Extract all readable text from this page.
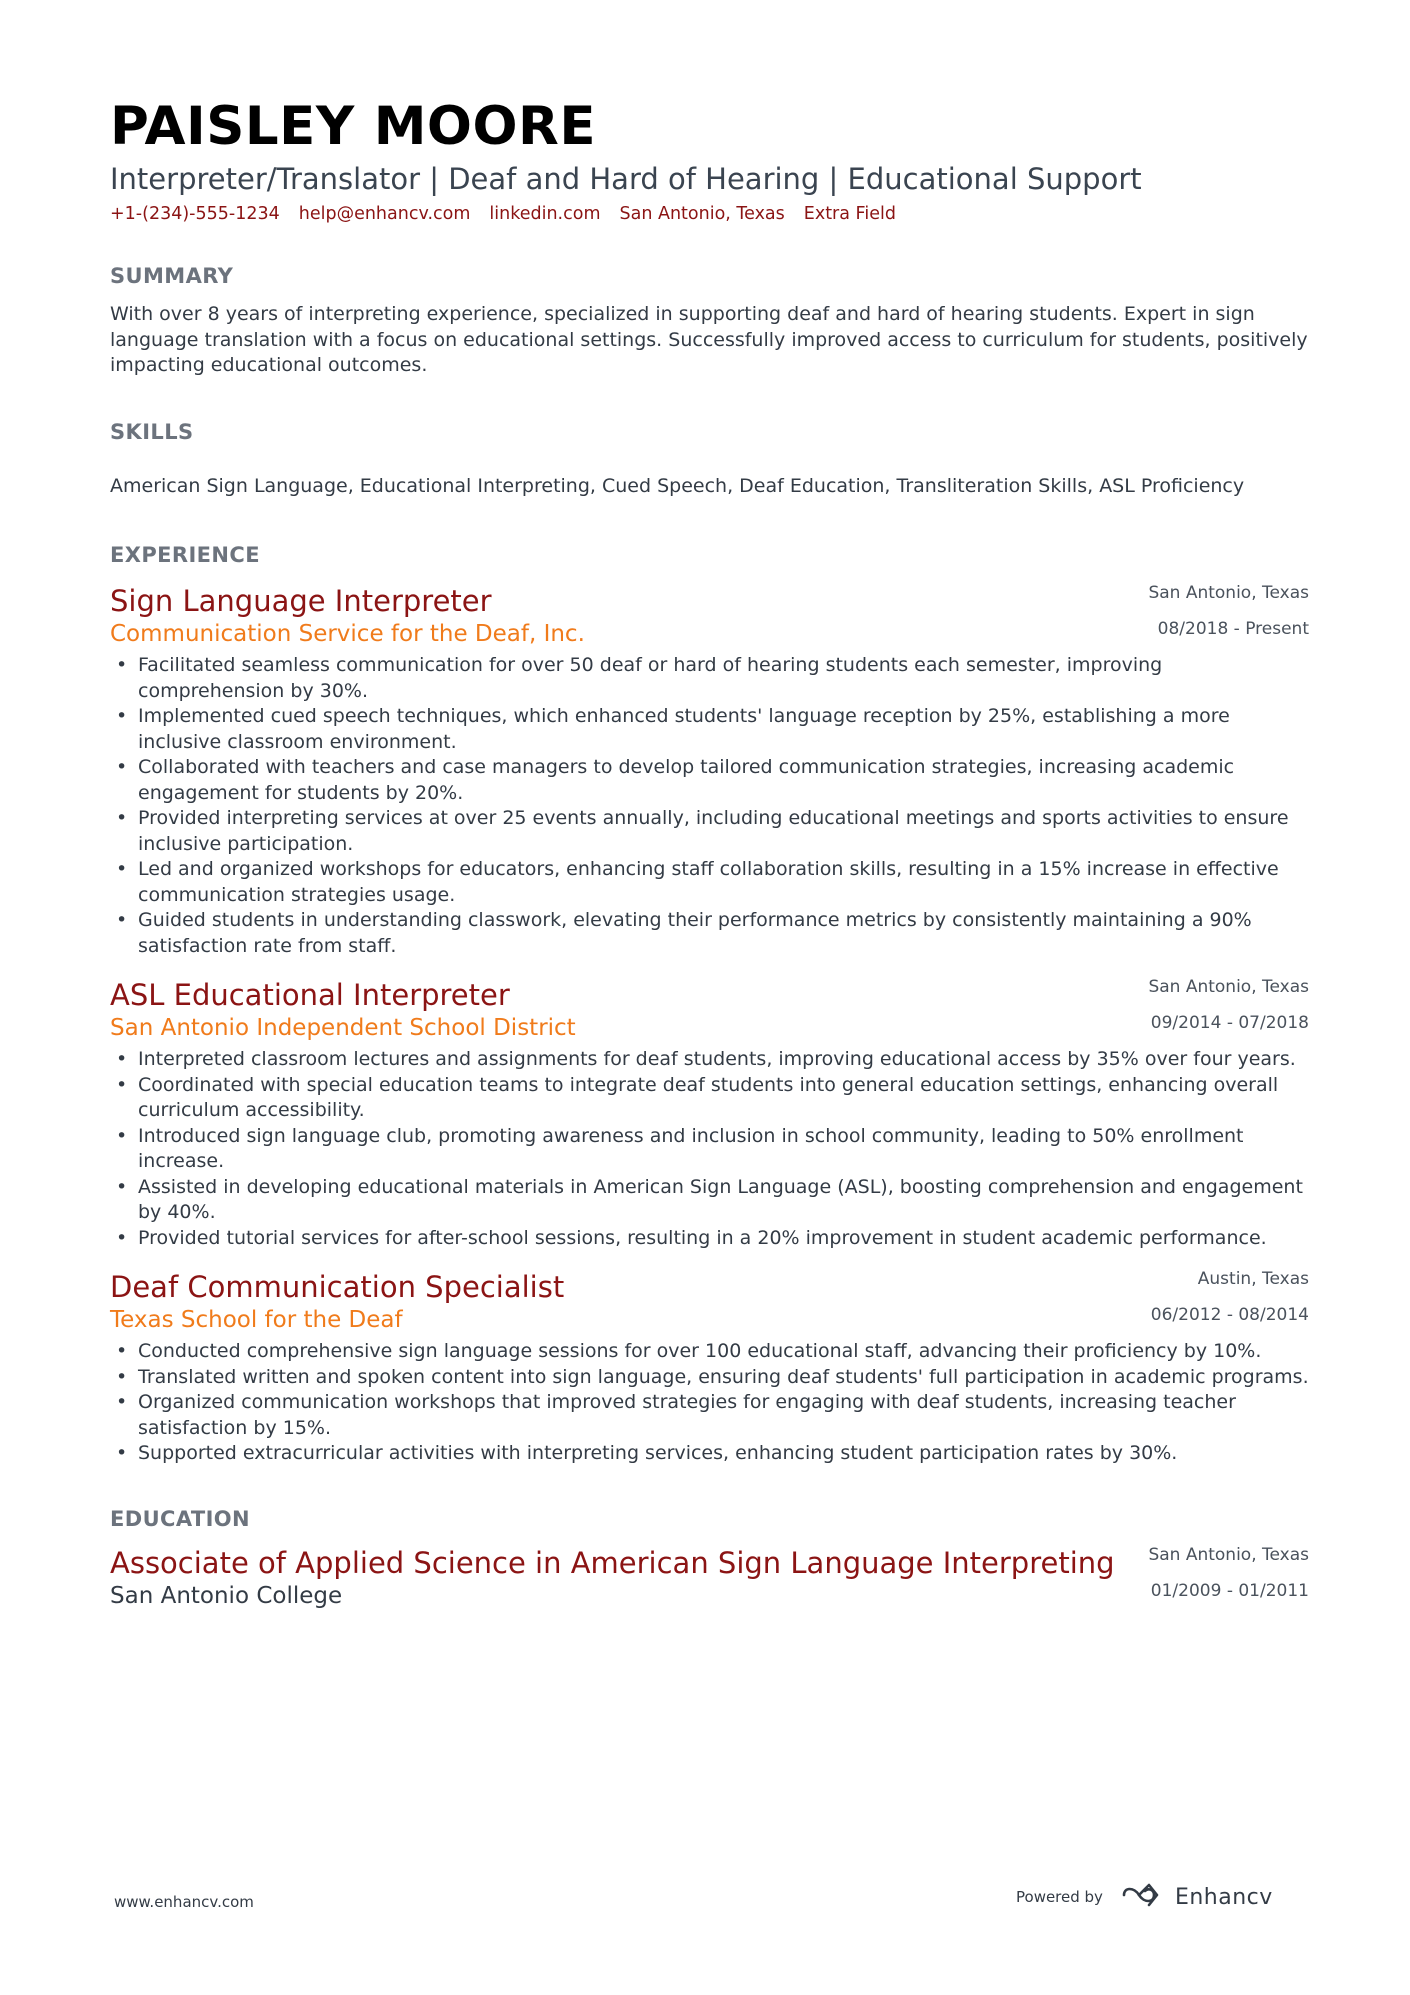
PAISLEY MOORE
Interpreter/Translator | Deaf and Hard of Hearing | Educational Support
+1-(234)-555-1234 help@enhancv.com linkedin.com San Antonio, Texas Extra Field
SUMMARY
With over 8 years of interpreting experience, specialized in supporting deaf and hard of hearing students. Expert in sign language translation with a focus on educational settings. Successfully improved access to curriculum for students, positively impacting educational outcomes.
SKILLS
American Sign Language, Educational Interpreting, Cued Speech, Deaf Education, Transliteration Skills, ASL Proficiency
EXPERIENCE
San Antonio, Texas
08/2018 - Present
Sign Language Interpreter
Communication Service for the Deaf, Inc.
• Facilitated seamless communication for over 50 deaf or hard of hearing students each semester, improving comprehension by 30%.
• Implemented cued speech techniques, which enhanced students' language reception by 25%, establishing a more inclusive classroom environment.
• Collaborated with teachers and case managers to develop tailored communication strategies, increasing academic engagement for students by 20%.
• Provided interpreting services at over 25 events annually, including educational meetings and sports activities to ensure inclusive participation.
• Led and organized workshops for educators, enhancing staff collaboration skills, resulting in a 15% increase in effective communication strategies usage.
• Guided students in understanding classwork, elevating their performance metrics by consistently maintaining a 90% satisfaction rate from staff.
San Antonio, Texas
09/2014 - 07/2018
ASL Educational Interpreter
San Antonio Independent School District
• Interpreted classroom lectures and assignments for deaf students, improving educational access by 35% over four years.
• Coordinated with special education teams to integrate deaf students into general education settings, enhancing overall curriculum accessibility.
• Introduced sign language club, promoting awareness and inclusion in school community, leading to 50% enrollment increase.
• Assisted in developing educational materials in American Sign Language (ASL), boosting comprehension and engagement by 40%.
• Provided tutorial services for after-school sessions, resulting in a 20% improvement in student academic performance.
Austin, Texas
06/2012 - 08/2014
Deaf Communication Specialist
Texas School for the Deaf
• Conducted comprehensive sign language sessions for over 100 educational staff, advancing their proficiency by 10%.
• Translated written and spoken content into sign language, ensuring deaf students' full participation in academic programs.
• Organized communication workshops that improved strategies for engaging with deaf students, increasing teacher satisfaction by 15%.
• Supported extracurricular activities with interpreting services, enhancing student participation rates by 30%.
EDUCATION
San Antonio, Texas
01/2009 - 01/2011
Associate of Applied Science in American Sign Language Interpreting
San Antonio College
www.enhancv.com	Powered by	Enhancv
